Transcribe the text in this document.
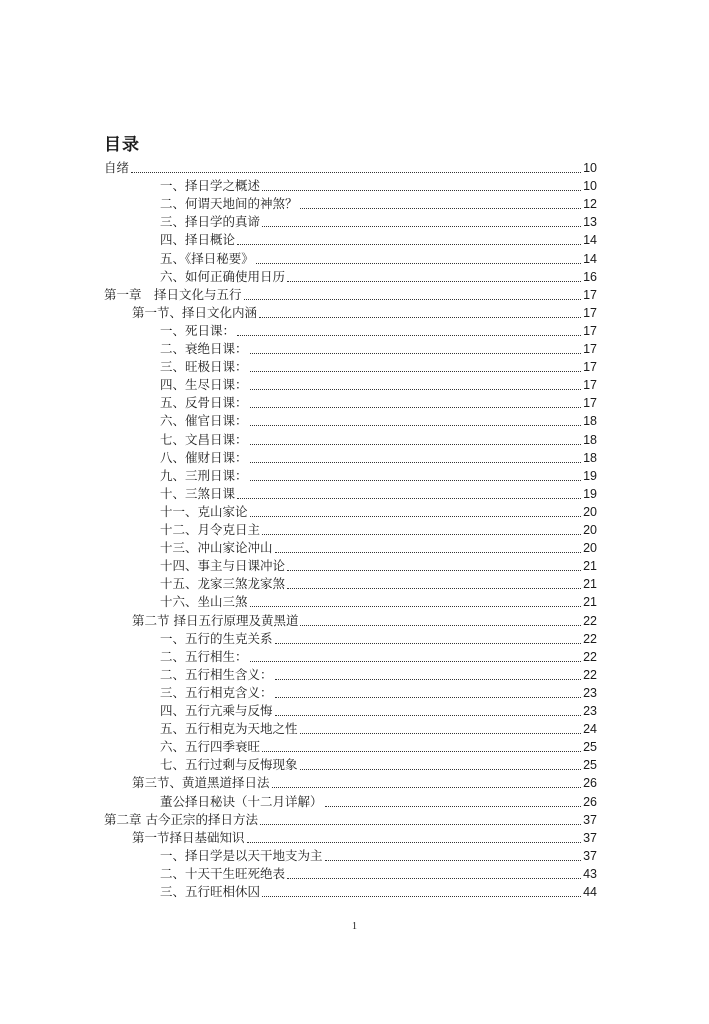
目录
自绪	10
一、择日学之概述	10
二、何谓天地间的神煞？	12
三、择日学的真谛	13
四、择日概论	14
五、《择日秘要》	14
六、如何正确使用日历	16
第一章　择日文化与五行	17
第一节、择日文化内涵	17
一、死日课：	17
二、衰绝日课：	17
三、旺极日课：	17
四、生尽日课：	17
五、反骨日课：	17
六、催官日课：	18
七、文昌日课：	18
八、催财日课：	18
九、三刑日课：	19
十、三煞日课	19
十一、克山家论	20
十二、月令克日主	20
十三、冲山家论冲山	20
十四、事主与日课冲论	21
十五、龙家三煞龙家煞	21
十六、坐山三煞	21
第二节 择日五行原理及黄黑道	22
一、五行的生克关系	22
二、五行相生：	22
二、五行相生含义：	22
三、五行相克含义：	23
四、五行亢乘与反悔	23
五、五行相克为天地之性	24
六、五行四季衰旺	25
七、五行过剩与反悔现象	25
第三节、黄道黑道择日法	26
董公择日秘诀（十二月详解）	26
第二章 古今正宗的择日方法	37
第一节择日基础知识	37
一、择日学是以天干地支为主	37
二、十天干生旺死绝表	43
三、五行旺相休囚	44
1
